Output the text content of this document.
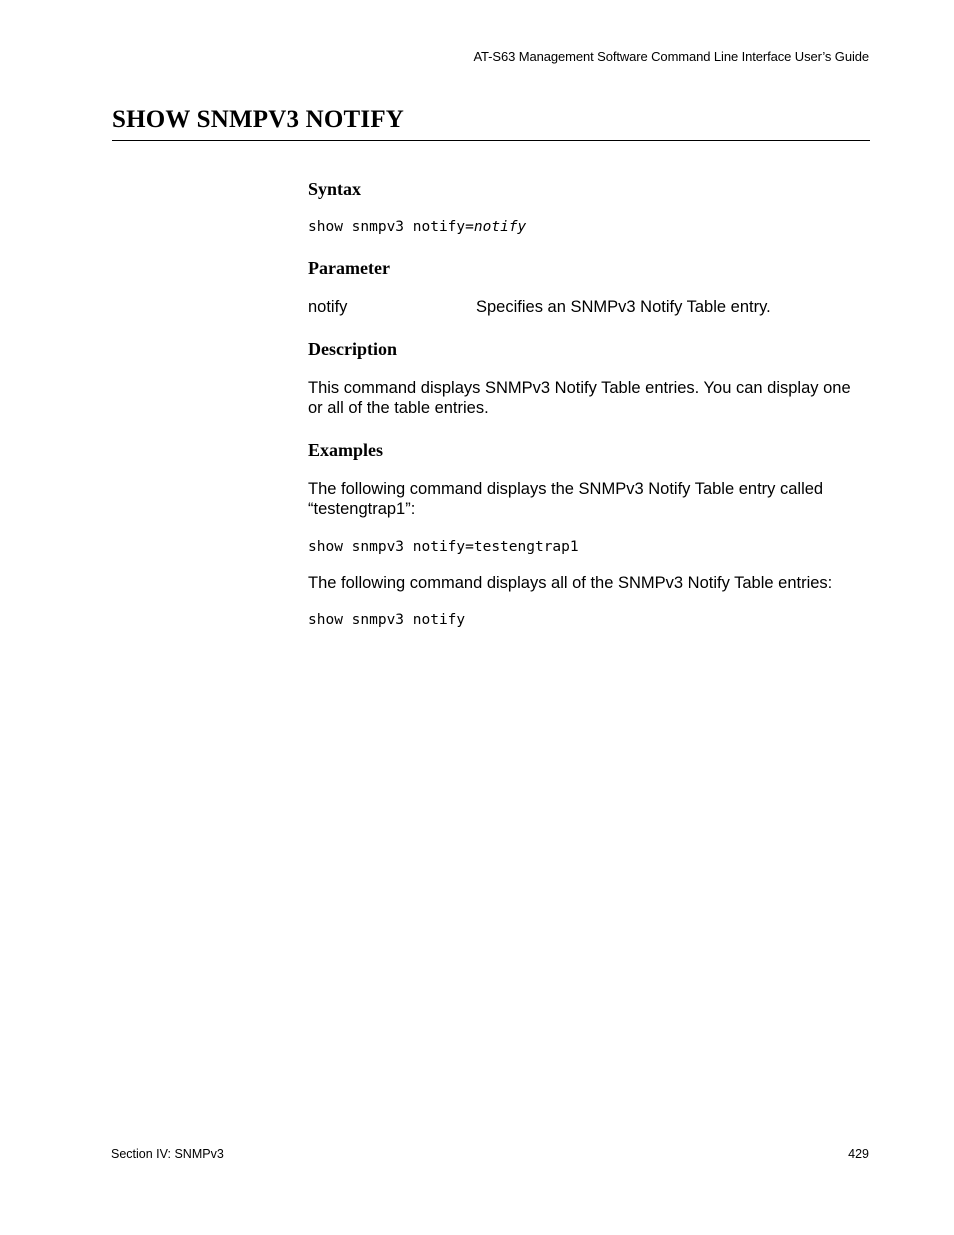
AT-S63 Management Software Command Line Interface User’s Guide
SHOW SNMPV3 NOTIFY
Syntax
show snmpv3 notify=notify
Parameter
notify	Specifies an SNMPv3 Notify Table entry.
Description

This command displays SNMPv3 Notify Table entries. You can display one or all of the table entries.

Examples

The following command displays the SNMPv3 Notify Table entry called “testengtrap1”:

show snmpv3 notify=testengtrap1

The following command displays all of the SNMPv3 Notify Table entries:

show snmpv3 notify
Section IV: SNMPv3	429
